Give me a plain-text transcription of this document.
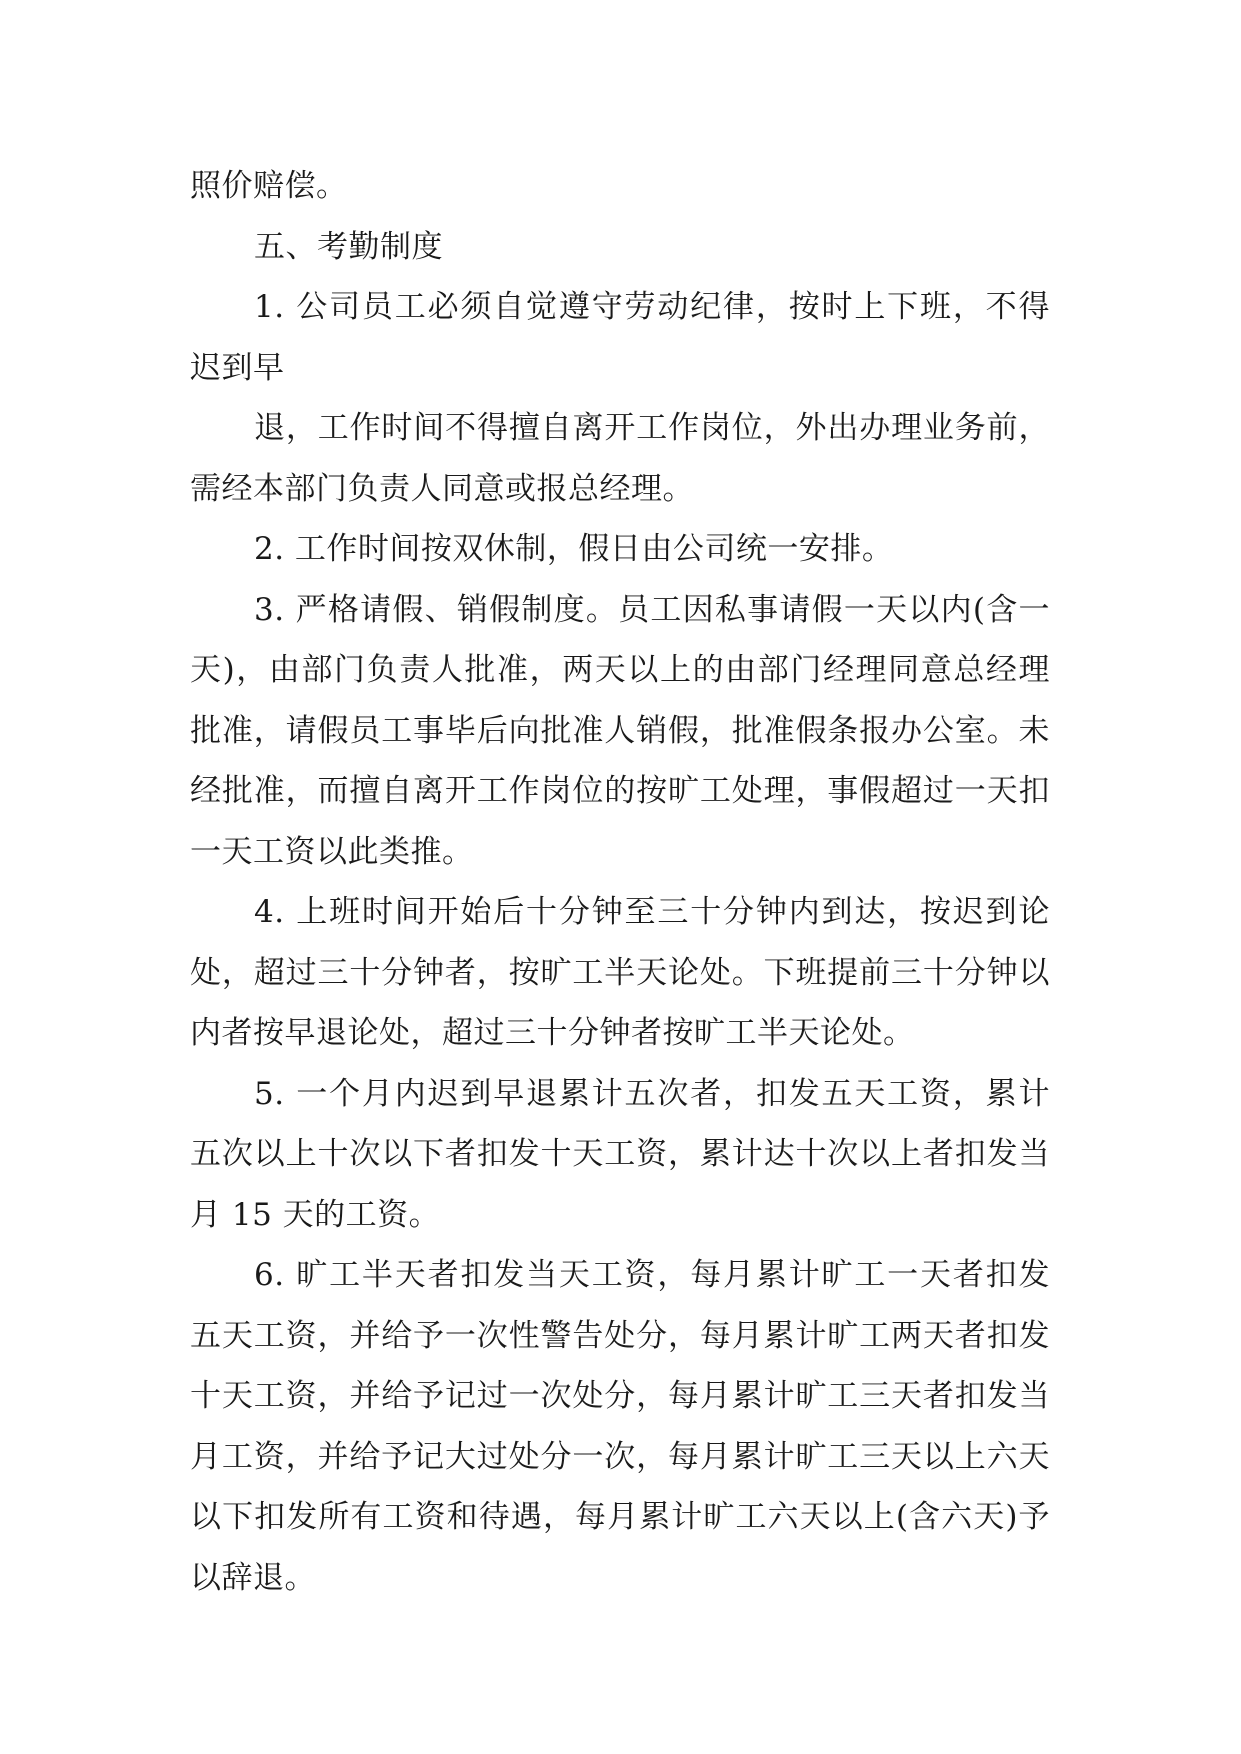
照价赔偿。

五、考勤制度

1. 公司员工必须自觉遵守劳动纪律，按时上下班，不得迟到早

退，工作时间不得擅自离开工作岗位，外出办理业务前，需经本部门负责人同意或报总经理。

2. 工作时间按双休制，假日由公司统一安排。

3. 严格请假、销假制度。员工因私事请假一天以内(含一天)，由部门负责人批准，两天以上的由部门经理同意总经理批准，请假员工事毕后向批准人销假，批准假条报办公室。未经批准，而擅自离开工作岗位的按旷工处理，事假超过一天扣一天工资以此类推。

4. 上班时间开始后十分钟至三十分钟内到达，按迟到论处，超过三十分钟者，按旷工半天论处。下班提前三十分钟以内者按早退论处，超过三十分钟者按旷工半天论处。

5. 一个月内迟到早退累计五次者，扣发五天工资，累计五次以上十次以下者扣发十天工资，累计达十次以上者扣发当月 15 天的工资。

6. 旷工半天者扣发当天工资，每月累计旷工一天者扣发五天工资，并给予一次性警告处分，每月累计旷工两天者扣发十天工资，并给予记过一次处分，每月累计旷工三天者扣发当月工资，并给予记大过处分一次，每月累计旷工三天以上六天以下扣发所有工资和待遇，每月累计旷工六天以上(含六天)予以辞退。
